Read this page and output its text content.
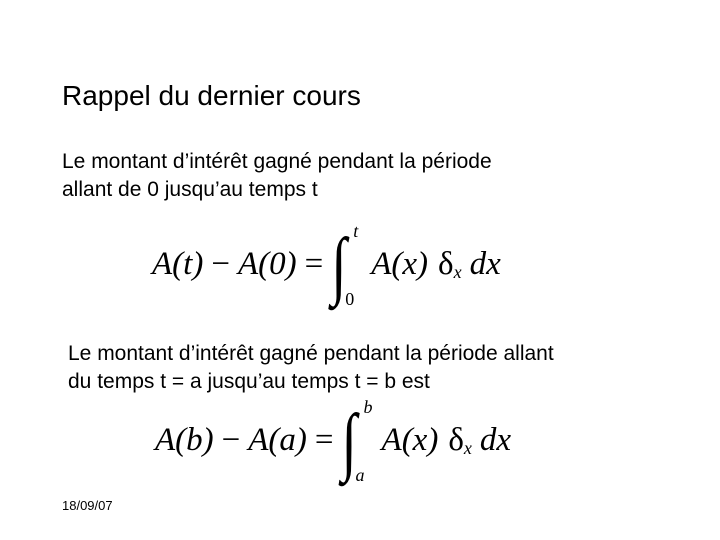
Rappel du dernier cours
Le montant d’intérêt gagné pendant la période
allant de 0 jusqu’au temps t
A(t) − A(0) = ∫ t
0
A(x) δ x dx
Le montant d’intérêt gagné pendant la période allant
du temps t = a jusqu’au temps t = b est
A(b) − A(a) = ∫ b
a
A(x) δ x dx
18/09/07
